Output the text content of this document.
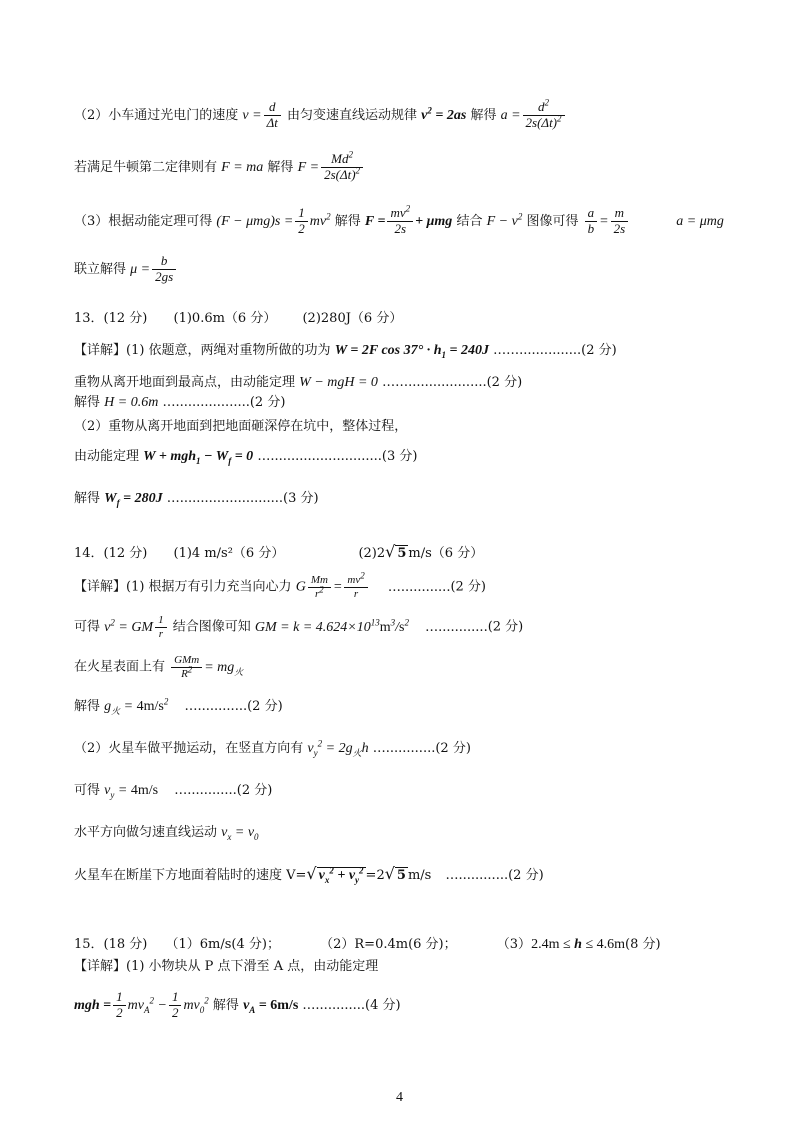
（2）小车通过光电门的速度 $v = \frac{d}{\Delta t}$ 由匀变速直线运动规律 $v^2 = 2as$ 解得 $a = \frac{d^2}{2s(\Delta t)^2}$
若满足牛顿第二定律则有 F = ma 解得 $F = \frac{Md^2}{2s(\Delta t)^2}$
（3）根据动能定理可得 $(F - \mu mg)s = \frac{1}{2} mv^2$ 解得 $F = \frac{mv^2}{2s} + \mu mg$ 结合 $F - v^2$ 图像可得 $\frac{a}{b} = \frac{m}{2s}$	a = μmg
联立解得 $\mu = \frac{b}{2gs}$
13．(12 分) (1)0.6m（6 分） (2)280J（6 分）
【详解】(1) 依题意，两绳对重物所做的功为 W = 2F $\cos 37^\circ \cdot h_1 = 240J$ ……...............(2 分)
重物从离开地面到最高点，由动能定理 W − mgH = 0 ……...................(2 分)
解得 H = 0.6m …..................(2 分)
（2）重物从离开地面到把地面砸深停在坑中，整体过程，
由动能定理 $W + mgh_1 - W_f = 0$ …...........................(3 分)
解得 $W_f = 280J$ ….........................(3 分)
14．(12 分) (1)4 m/s²（6 分）	(2)2√ 5 m/s（6 分）
【详解】(1) 根据万有引力充当向心力 G $\frac{Mm}{r^2} = \frac{mv^2}{r}$ …............(2 分)
可得 $v^2$ = GM $\frac{1}{r}$ 结合图像可知 GM = $k = 4.624\times 10^{13}m^3/s^2$ …............(2 分)
在火星表面上有 $\frac{\text{GMm}}{R^2} = mg_火$
解得 $g_火 = 4m/s^2$ …............(2 分)
（2）火星车做平抛运动，在竖直方向有 $v_y^2 = 2g_火h$ …............(2 分)
可得 $v_y = 4m/s$ …............(2 分)
水平方向做匀速直线运动 $v_x = v_0$
火星车在断崖下方地面着陆时的速度 V=√ $v_x^2 + v_y^2 =2√$ 5 m/s …............(2 分)
15．(18 分) （1）6m/s(4 分)；	（2）R=0.4m(6 分)；	（3）2.4m ≤ h ≤ 4.6m(8 分)
【详解】(1) 小物块从 P 点下滑至 A 点，由动能定理
mgh = $\frac{1}{2} mv_A^2 - \frac{1}{2} mv_0^2$ 解得 $v_A = 6m/s$ …............(4 分)
4
